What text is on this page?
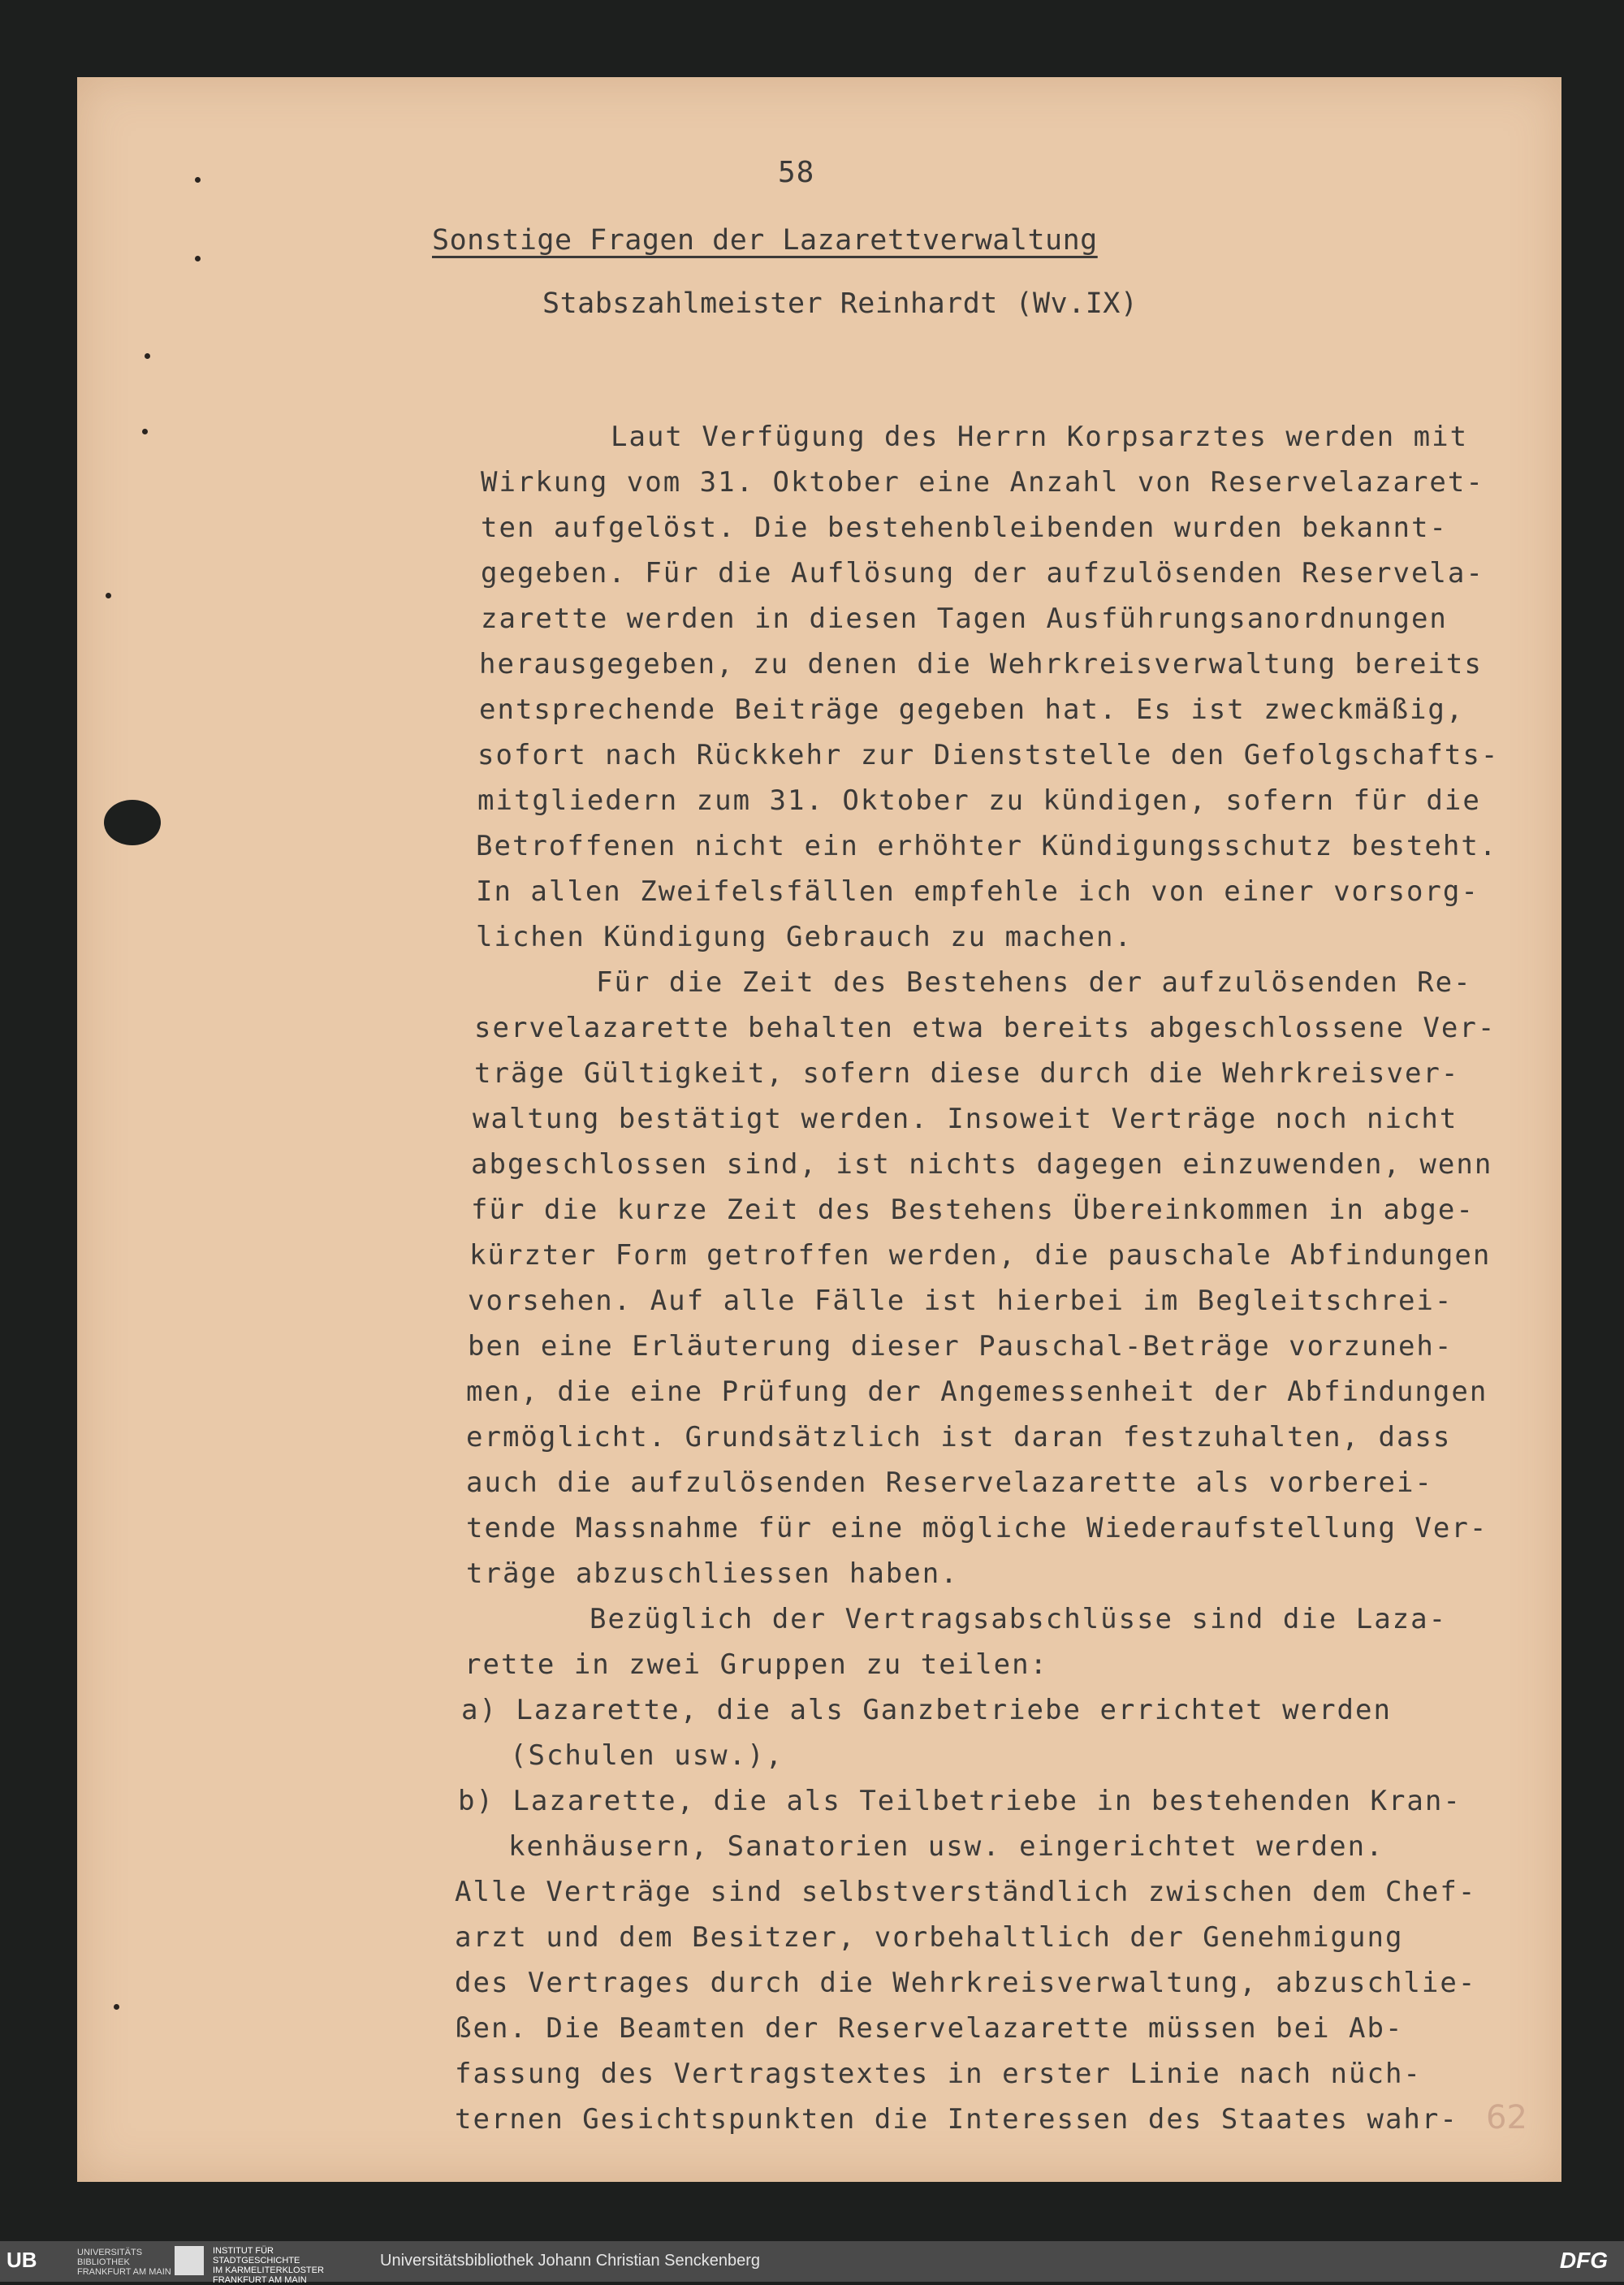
58
Sonstige Fragen der Lazarettverwaltung
Stabszahlmeister Reinhardt (Wv.IX)
Laut Verfügung des Herrn Korpsarztes werden mit
Wirkung vom 31. Oktober eine Anzahl von Reservelazaret-
ten aufgelöst. Die bestehenbleibenden wurden bekannt-
gegeben. Für die Auflösung der aufzulösenden Reservela-
zarette werden in diesen Tagen Ausführungsanordnungen
herausgegeben, zu denen die Wehrkreisverwaltung bereits
entsprechende Beiträge gegeben hat. Es ist zweckmäßig,
sofort nach Rückkehr zur Dienststelle den Gefolgschafts-
mitgliedern zum 31. Oktober zu kündigen, sofern für die
Betroffenen nicht ein erhöhter Kündigungsschutz besteht.
In allen Zweifelsfällen empfehle ich von einer vorsorg-
lichen Kündigung Gebrauch zu machen.
Für die Zeit des Bestehens der aufzulösenden Re-
servelazarette behalten etwa bereits abgeschlossene Ver-
träge Gültigkeit, sofern diese durch die Wehrkreisver-
waltung bestätigt werden. Insoweit Verträge noch nicht
abgeschlossen sind, ist nichts dagegen einzuwenden, wenn
für die kurze Zeit des Bestehens Übereinkommen in abge-
kürzter Form getroffen werden, die pauschale Abfindungen
vorsehen. Auf alle Fälle ist hierbei im Begleitschrei-
ben eine Erläuterung dieser Pauschal-Beträge vorzuneh-
men, die eine Prüfung der Angemessenheit der Abfindungen
ermöglicht. Grundsätzlich ist daran festzuhalten, dass
auch die aufzulösenden Reservelazarette als vorberei-
tende Massnahme für eine mögliche Wiederaufstellung Ver-
träge abzuschliessen haben.
Bezüglich der Vertragsabschlüsse sind die Laza-
rette in zwei Gruppen zu teilen:
a) Lazarette, die als Ganzbetriebe errichtet werden
(Schulen usw.),
b) Lazarette, die als Teilbetriebe in bestehenden Kran-
kenhäusern, Sanatorien usw. eingerichtet werden.
Alle Verträge sind selbstverständlich zwischen dem Chef-
arzt und dem Besitzer, vorbehaltlich der Genehmigung
des Vertrages durch die Wehrkreisverwaltung, abzuschlie-
ßen. Die Beamten der Reservelazarette müssen bei Ab-
fassung des Vertragstextes in erster Linie nach nüch-
ternen Gesichtspunkten die Interessen des Staates wahr- 62
UB	UNIVERSITÄTS
BIBLIOTHEK
FRANKFURT AM MAIN
INSTITUT FÜR
STADTGESCHICHTE
IM KARMELITERKLOSTER
FRANKFURT AM MAIN
Universitätsbibliothek Johann Christian Senckenberg	DFG
